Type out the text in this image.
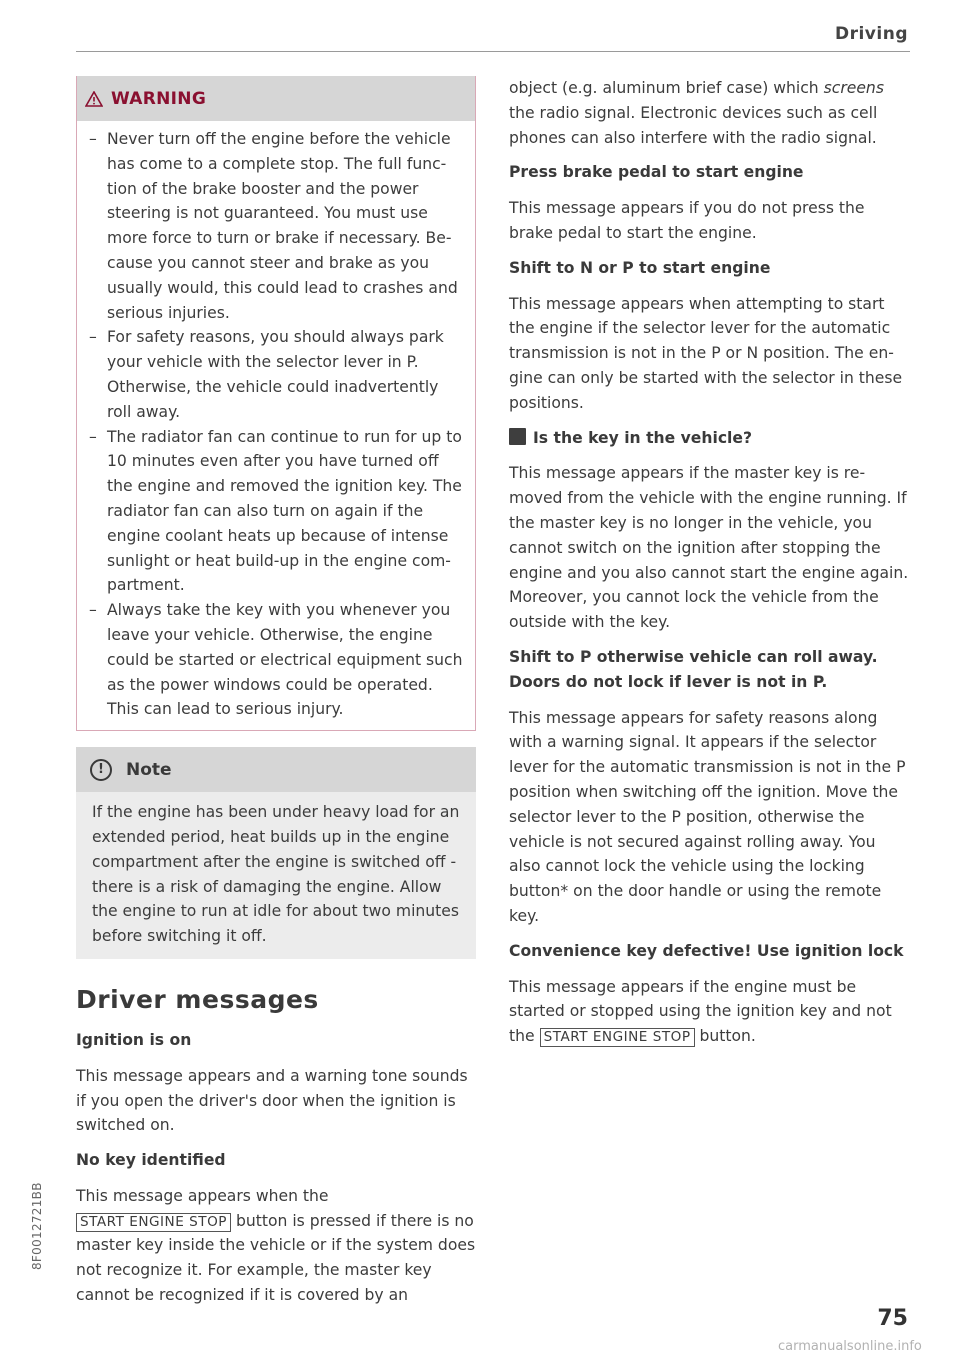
Driving
WARNING
– Never turn off the engine before the vehicle has come to a complete stop. The full function of the brake booster and the power steering is not guaranteed. You must use more force to turn or brake if necessary. Because you cannot steer and brake as you usually would, this could lead to crashes and serious injuries.
– For safety reasons, you should always park your vehicle with the selector lever in P. Otherwise, the vehicle could inadvertently roll away.
– The radiator fan can continue to run for up to 10 minutes even after you have turned off the engine and removed the ignition key. The radiator fan can also turn on again if the engine coolant heats up because of intense sunlight or heat build-up in the engine compartment.
– Always take the key with you whenever you leave your vehicle. Otherwise, the engine could be started or electrical equipment such as the power windows could be operated. This can lead to serious injury.
!	Note

If the engine has been under heavy load for an extended period, heat builds up in the engine compartment after the engine is switched off - there is a risk of damaging the engine. Allow the engine to run at idle for about two minutes before switching it off.

Driver messages
Ignition is on

This message appears and a warning tone sounds if you open the driver's door when the ignition is switched on.

No key identified

This message appears when the
START ENGINE STOP button is pressed if there is no master key inside the vehicle or if the system does not recognize it. For example, the master key cannot be recognized if it is covered by an

object (e.g. aluminum brief case) which screens the radio signal. Electronic devices such as cell phones can also interfere with the radio signal.

Press brake pedal to start engine

This message appears if you do not press the brake pedal to start the engine.

Shift to N or P to start engine

This message appears when attempting to start the engine if the selector lever for the automatic transmission is not in the P or N position. The engine can only be started with the selector in these positions.

Is the key in the vehicle?

This message appears if the master key is removed from the vehicle with the engine running. If the master key is no longer in the vehicle, you cannot switch on the ignition after stopping the engine and you also cannot start the engine again. Moreover, you cannot lock the vehicle from the outside with the key.

Shift to P otherwise vehicle can roll away. Doors do not lock if lever is not in P.

This message appears for safety reasons along with a warning signal. It appears if the selector lever for the automatic transmission is not in the P position when switching off the ignition. Move the selector lever to the P position, otherwise the vehicle is not secured against rolling away. You also cannot lock the vehicle using the locking button* on the door handle or using the remote key.

Convenience key defective! Use ignition lock

This message appears if the engine must be started or stopped using the ignition key and not the START ENGINE STOP button.

8F0012721BB
75
carmanualsonline.info
